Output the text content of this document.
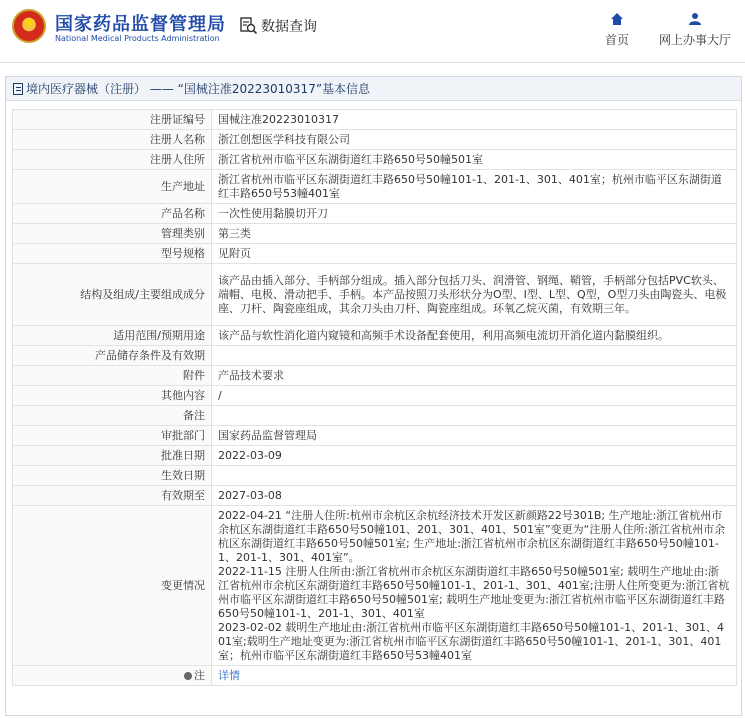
★
国家药品监督管理局
National Medical Products Administration
数据查询
首页	网上办事大厅
境内医疗器械（注册） —— “国械注准20223010317”基本信息
注册证编号	国械注准20223010317
注册人名称	浙江创想医学科技有限公司
注册人住所	浙江省杭州市临平区东湖街道红丰路650号50幢501室
生产地址	浙江省杭州市临平区东湖街道红丰路650号50幢101-1、201-1、301、401室；杭州市临平区东湖街道红丰路650号53幢401室
产品名称	一次性使用黏膜切开刀
管理类别	第三类
型号规格	见附页
结构及组成/主要组成成分	该产品由插入部分、手柄部分组成。插入部分包括刀头、润滑管、钢绳、鞘管，手柄部分包括PVC软头、端帽、电极、滑动把手、手柄。本产品按照刀头形状分为O型、I型、L型、Q型，O型刀头由陶瓷头、电极座、刀杆、陶瓷座组成，其余刀头由刀杆、陶瓷座组成。环氧乙烷灭菌，有效期三年。
适用范围/预期用途	该产品与软性消化道内窥镜和高频手术设备配套使用，利用高频电流切开消化道内黏膜组织。
产品储存条件及有效期	
附件	产品技术要求
其他内容	/
备注	
审批部门	国家药品监督管理局
批准日期	2022-03-09
生效日期	
有效期至	2027-03-08
变更情况	2022-04-21 “注册人住所:杭州市余杭区余杭经济技术开发区新颜路22号301B; 生产地址:浙江省杭州市余杭区东湖街道红丰路650号50幢101、201、301、401、501室”变更为“注册人住所:浙江省杭州市余杭区东湖街道红丰路650号50幢501室; 生产地址:浙江省杭州市余杭区东湖街道红丰路650号50幢101-1、201-1、301、401室”。
2022-11-15 注册人住所由:浙江省杭州市余杭区东湖街道红丰路650号50幢501室; 载明生产地址由:浙江省杭州市余杭区东湖街道红丰路650号50幢101-1、201-1、301、401室;注册人住所变更为:浙江省杭州市临平区东湖街道红丰路650号50幢501室; 载明生产地址变更为:浙江省杭州市临平区东湖街道红丰路650号50幢101-1、201-1、301、401室
2023-02-02 载明生产地址由:浙江省杭州市临平区东湖街道红丰路650号50幢101-1、201-1、301、401室;载明生产地址变更为:浙江省杭州市临平区东湖街道红丰路650号50幢101-1、201-1、301、401室；杭州市临平区东湖街道红丰路650号53幢401室
注	详情
